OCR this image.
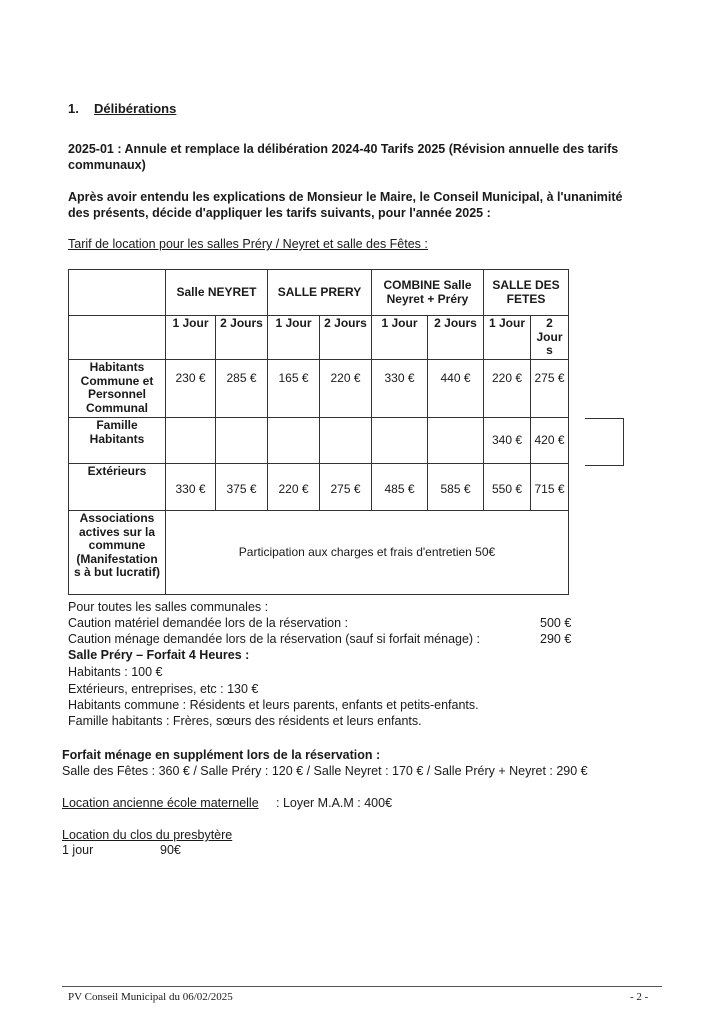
1. Délibérations
2025-01 : Annule et remplace la délibération 2024-40 Tarifs 2025 (Révision annuelle des tarifs
communaux)
Après avoir entendu les explications de Monsieur le Maire, le Conseil Municipal, à l'unanimité
des présents, décide d'appliquer les tarifs suivants, pour l'année 2025 :
Tarif de location pour les salles Préry / Neyret et salle des Fêtes :
	Salle NEYRET		SALLE PRERY		COMBINE Salle Neyret + Préry		SALLE DES FETES	
	1 Jour	2 Jours	1 Jour	2 Jours	1 Jour	2 Jours	1 Jour	2 Jour s
Habitants Commune et Personnel Communal	230 €	285 €	165 €	220 €	330 €	440 €	220 €	275 €
Famille Habitants							340 €	420 €
Extérieurs	330 €	375 €	220 €	275 €	485 €	585 €	550 €	715 €
Associations actives sur la commune (Manifestation s à but lucratif)	Participation aux charges et frais d'entretien 50€							
Pour toutes les salles communales :
Caution matériel demandée lors de la réservation :	500 €
Caution ménage demandée lors de la réservation (sauf si forfait ménage) :	290 €
Salle Préry – Forfait 4 Heures :
Habitants : 100 €
Extérieurs, entreprises, etc : 130 €
Habitants commune : Résidents et leurs parents, enfants et petits-enfants.
Famille habitants : Frères, sœurs des résidents et leurs enfants.
Forfait ménage en supplément lors de la réservation :
Salle des Fêtes : 360 € / Salle Préry : 120 € / Salle Neyret : 170 € / Salle Préry + Neyret : 290 €
Location ancienne école maternelle : Loyer M.A.M : 400€
Location du clos du presbytère
1 jour	90€
PV Conseil Municipal du 06/02/2025	- 2 -
